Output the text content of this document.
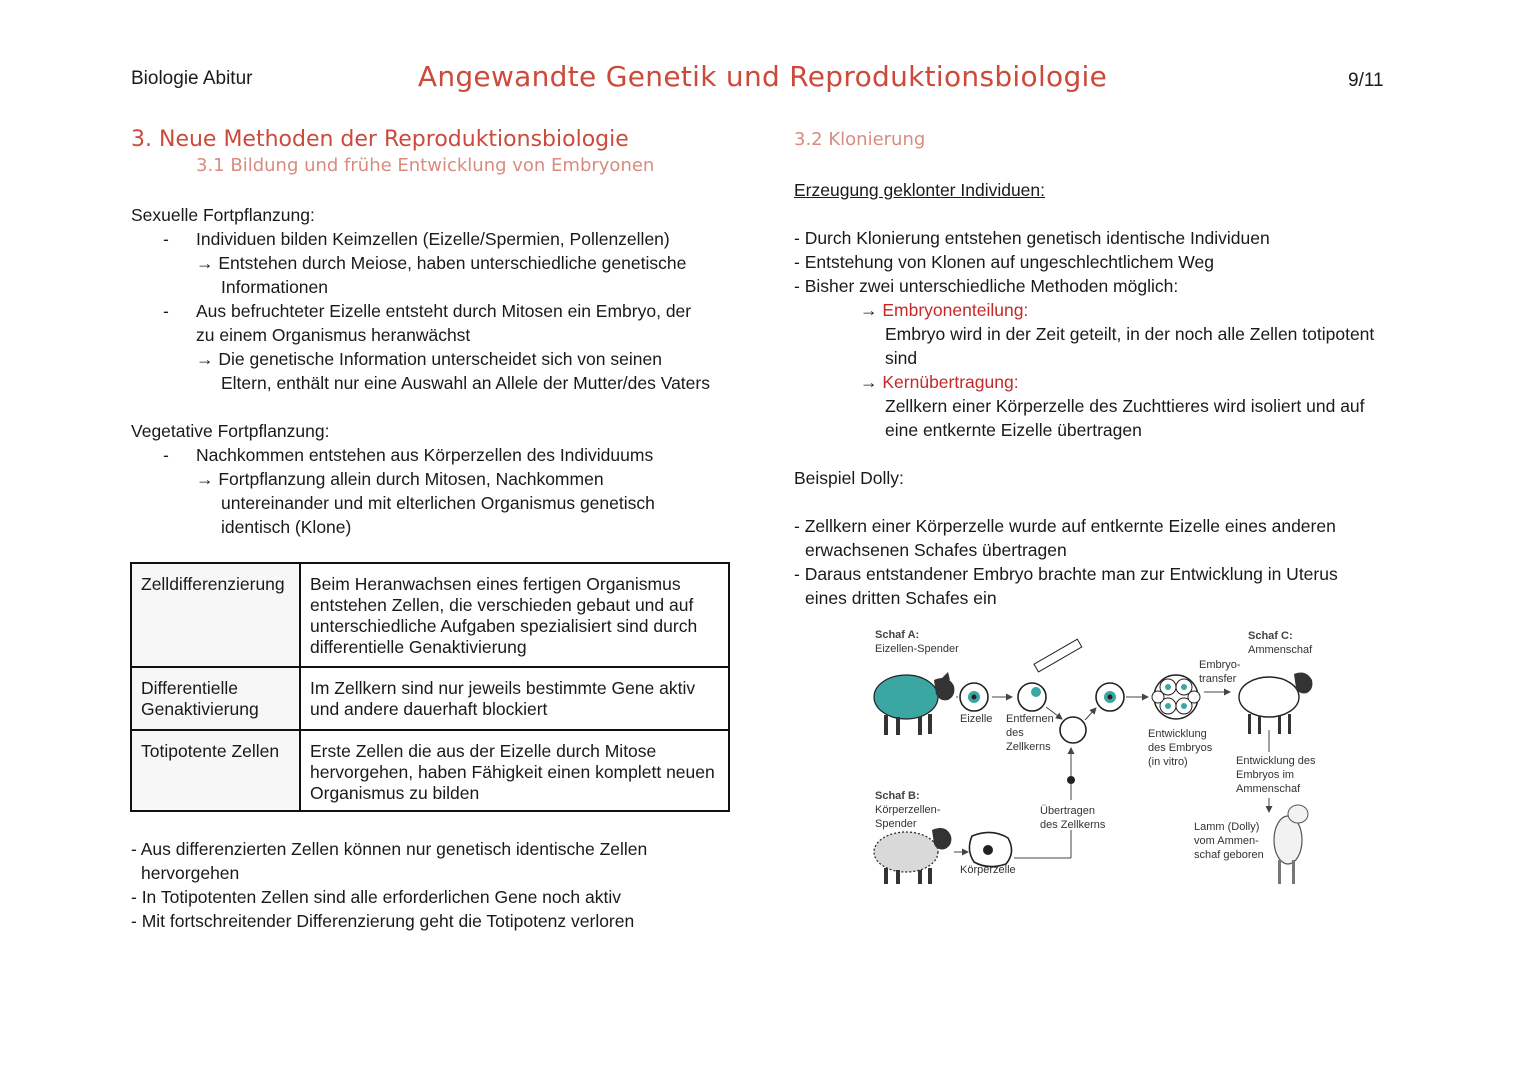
Biologie Abitur	Angewandte Genetik und Reproduktionsbiologie	9/11
3. Neue Methoden der Reproduktionsbiologie
3.1 Bildung und frühe Entwicklung von Embryonen
Sexuelle Fortpflanzung:
- Individuen bilden Keimzellen (Eizelle/Spermien, Pollenzellen)
→ Entstehen durch Meiose, haben unterschiedliche genetische
Informationen
- Aus befruchteter Eizelle entsteht durch Mitosen ein Embryo, der
zu einem Organismus heranwächst
→ Die genetische Information unterscheidet sich von seinen
Eltern, enthält nur eine Auswahl an Allele der Mutter/des Vaters
Vegetative Fortpflanzung:
- Nachkommen entstehen aus Körperzellen des Individuums
→ Fortpflanzung allein durch Mitosen, Nachkommen
untereinander und mit elterlichen Organismus genetisch
identisch (Klone)
Zelldifferenzierung	Beim Heranwachsen eines fertigen Organismus entstehen Zellen, die verschieden gebaut und auf unterschiedliche Aufgaben spezialisiert sind durch differentielle Genaktivierung
Differentielle Genaktivierung	Im Zellkern sind nur jeweils bestimmte Gene aktiv und andere dauerhaft blockiert
Totipotente Zellen	Erste Zellen die aus der Eizelle durch Mitose hervorgehen, haben Fähigkeit einen komplett neuen Organismus zu bilden
- Aus differenzierten Zellen können nur genetisch identische Zellen
hervorgehen
- In Totipotenten Zellen sind alle erforderlichen Gene noch aktiv
- Mit fortschreitender Differenzierung geht die Totipotenz verloren
3.2 Klonierung
Erzeugung geklonter Individuen:
- Durch Klonierung entstehen genetisch identische Individuen
- Entstehung von Klonen auf ungeschlechtlichem Weg
- Bisher zwei unterschiedliche Methoden möglich:
→ Embryonenteilung:
Embryo wird in der Zeit geteilt, in der noch alle Zellen totipotent
sind
→ Kernübertragung:
Zellkern einer Körperzelle des Zuchttieres wird isoliert und auf
eine entkernte Eizelle übertragen
Beispiel Dolly:
- Zellkern einer Körperzelle wurde auf entkernte Eizelle eines anderen
erwachsenen Schafes übertragen
- Daraus entstandener Embryo brachte man zur Entwicklung in Uterus
eines dritten Schafes ein
Schaf A:
Eizellen-Spender
Eizelle Entfernen
des
Zellkerns
Entwicklung
des Embryos
(in vitro)
Embryo-
transfer
Schaf C:
Ammenschaf
Entwicklung des
Embryos im
Ammenschaf
Lamm (Dolly)
vom Ammen-
schaf geboren
Schaf B:
Körperzellen-
Spender
Körperzelle
Übertragen
des Zellkerns
